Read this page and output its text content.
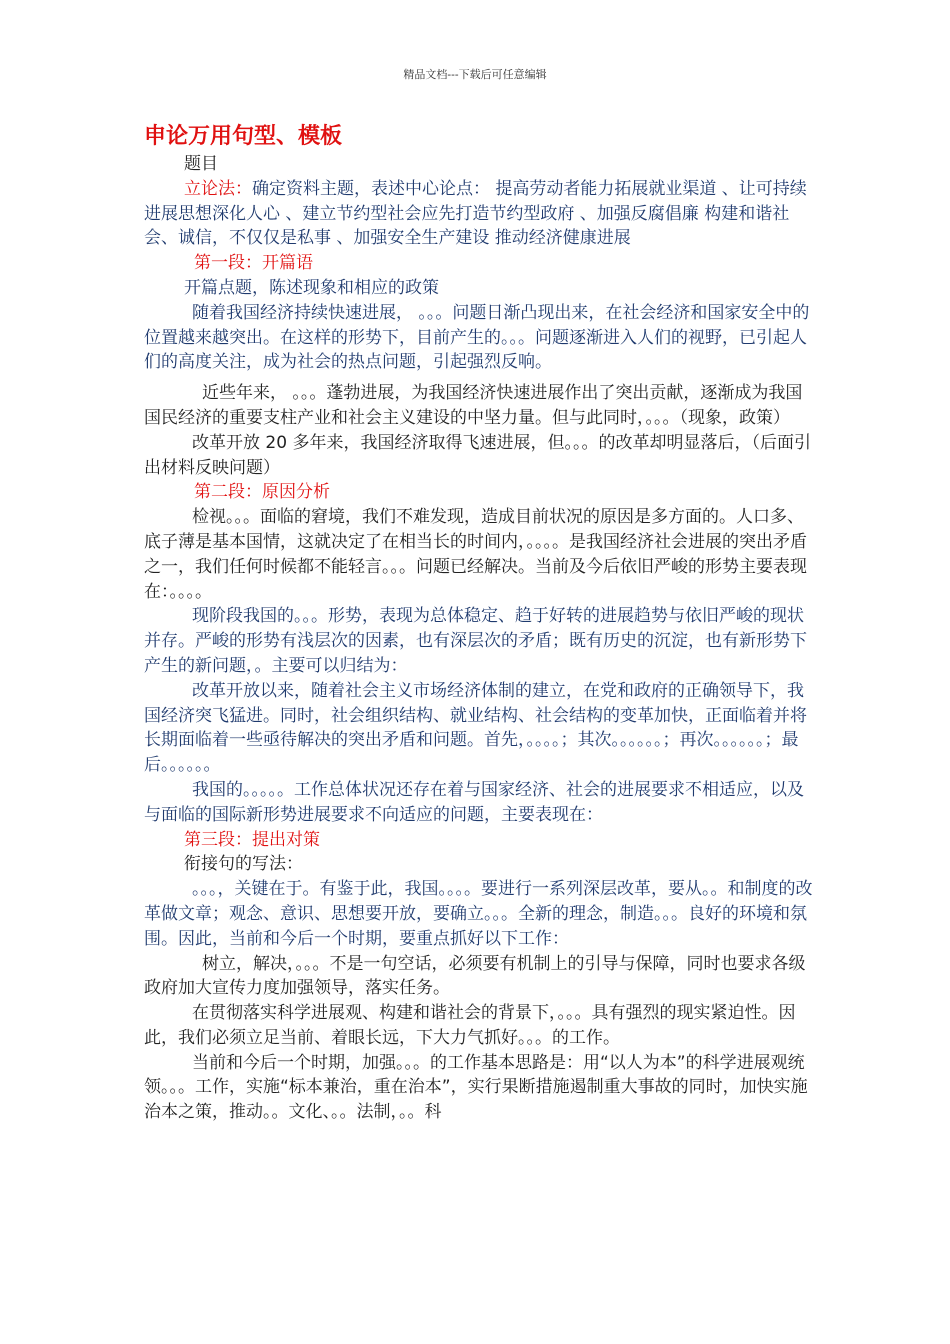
精品文档---下载后可任意编辑
申论万用句型、模板

题目

立论法：确定资料主题，表述中心论点： 提高劳动者能力拓展就业渠道 、让可持续进展思想深化人心 、建立节约型社会应先打造节约型政府 、加强反腐倡廉 构建和谐社会、诚信，不仅仅是私事 、加强安全生产建设 推动经济健康进展

第一段：开篇语

开篇点题，陈述现象和相应的政策

随着我国经济持续快速进展， 。。。问题日渐凸现出来，在社会经济和国家安全中的位置越来越突出。在这样的形势下，目前产生的。。。问题逐渐进入人们的视野，已引起人们的高度关注，成为社会的热点问题，引起强烈反响。

近些年来， 。。。蓬勃进展，为我国经济快速进展作出了突出贡献，逐渐成为我国国民经济的重要支柱产业和社会主义建设的中坚力量。但与此同时，。。。（现象，政策）

改革开放 20 多年来，我国经济取得飞速进展，但。。。的改革却明显落后，（后面引出材料反映问题）

第二段：原因分析

检视。。。面临的窘境，我们不难发现，造成目前状况的原因是多方面的。人口多、底子薄是基本国情，这就决定了在相当长的时间内，。。。。是我国经济社会进展的突出矛盾之一，我们任何时候都不能轻言。。。问题已经解决。当前及今后依旧严峻的形势主要表现在：。。。。

现阶段我国的。。。形势，表现为总体稳定、趋于好转的进展趋势与依旧严峻的现状并存。严峻的形势有浅层次的因素，也有深层次的矛盾；既有历史的沉淀，也有新形势下产生的新问题，。主要可以归结为：

改革开放以来，随着社会主义市场经济体制的建立，在党和政府的正确领导下，我国经济突飞猛进。同时，社会组织结构、就业结构、社会结构的变革加快，正面临着并将长期面临着一些亟待解决的突出矛盾和问题。首先，。。。。；其次。。。。。。；再次。。。。。。；最后。。。。。。

我国的。。。。。工作总体状况还存在着与国家经济、社会的进展要求不相适应，以及与面临的国际新形势进展要求不向适应的问题，主要表现在：

第三段：提出对策

衔接句的写法：

。。。，关键在于。有鉴于此，我国。。。。要进行一系列深层改革，要从。。和制度的改革做文章；观念、意识、思想要开放，要确立。。。全新的理念，制造。。。良好的环境和氛围。因此，当前和今后一个时期，要重点抓好以下工作：

树立，解决，。。。不是一句空话，必须要有机制上的引导与保障，同时也要求各级政府加大宣传力度加强领导，落实任务。

在贯彻落实科学进展观、构建和谐社会的背景下，。。。具有强烈的现实紧迫性。因此，我们必须立足当前、着眼长远，下大力气抓好。。。的工作。

当前和今后一个时期，加强。。。的工作基本思路是：用“以人为本”的科学进展观统领。。。工作，实施“标本兼治，重在治本”，实行果断措施遏制重大事故的同时，加快实施治本之策，推动。。文化、。。法制，。。科
